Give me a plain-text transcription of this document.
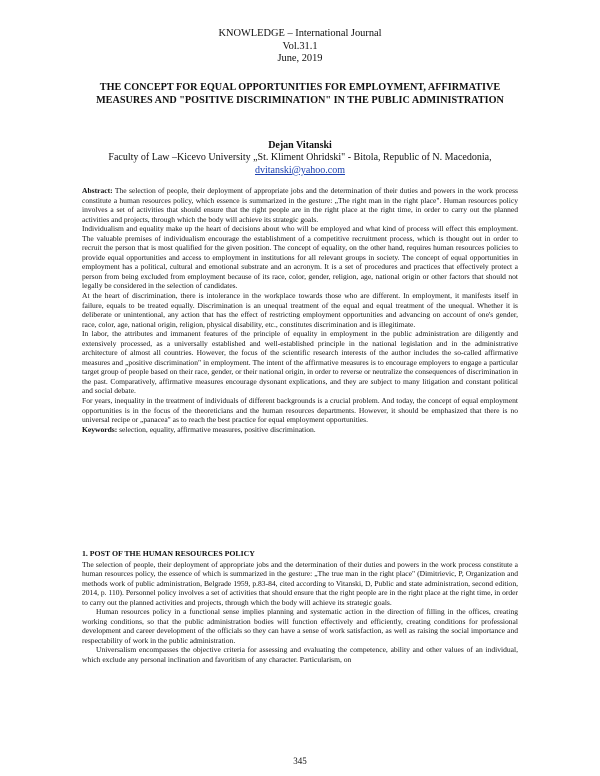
KNOWLEDGE – International Journal
Vol.31.1
June, 2019
THE CONCEPT FOR EQUAL OPPORTUNITIES FOR EMPLOYMENT, AFFIRMATIVE MEASURES AND "POSITIVE DISCRIMINATION" IN THE PUBLIC ADMINISTRATION
Dejan Vitanski
Faculty of Law –Kicevo University „St. Kliment Ohridski" - Bitola, Republic of N. Macedonia,
dvitanski@yahoo.com

Abstract: The selection of people, their deployment of appropriate jobs and the determination of their duties and powers in the work process constitute a human resources policy, which essence is summarized in the gesture: „The right man in the right place". Human resources policy involves a set of activities that should ensure that the right people are in the right place at the right time, in order to carry out the planned activities and projects, through which the body will achieve its strategic goals.

Individualism and equality make up the heart of decisions about who will be employed and what kind of process will effect this employment. The valuable premises of individualism encourage the establishment of a competitive recruitment process, which is thought out in order to recruit the person that is most qualified for the given position. The concept of equality, on the other hand, requires human resources policies to provide equal opportunities and access to employment in institutions for all relevant groups in society. The concept of equal opportunities in employment has a political, cultural and emotional substrate and an acronym. It is a set of procedures and practices that effectively protect a person from being excluded from employment because of its race, color, gender, religion, age, national origin or other factors that should not legally be considered in the selection of candidates.

At the heart of discrimination, there is intolerance in the workplace towards those who are different. In employment, it manifests itself in failure, equals to be treated equally. Discrimination is an unequal treatment of the equal and equal treatment of the unequal. Whether it is deliberate or unintentional, any action that has the effect of restricting employment opportunities and advancing on account of one's gender, race, color, age, national origin, religion, physical disability, etc., constitutes discrimination and is illegitimate.

In labor, the attributes and immanent features of the principle of equality in employment in the public administration are diligently and extensively processed, as a universally established and well-established principle in the national legislation and in the administrative architecture of almost all countries. However, the focus of the scientific research interests of the author includes the so-called affirmative measures and „positive discrimination" in employment. The intent of the affirmative measures is to encourage employers to engage a particular target group of people based on their race, gender, or their national origin, in order to reverse or neutralize the consequences of discrimination in the past. Comparatively, affirmative measures encourage dysonant explications, and they are subject to many litigation and constant political and social debate.

For years, inequality in the treatment of individuals of different backgrounds is a crucial problem. And today, the concept of equal employment opportunities is in the focus of the theoreticians and the human resources departments. However, it should be emphasized that there is no universal recipe or „panacea" as to reach the best practice for equal employment opportunities.

Keywords: selection, equality, affirmative measures, positive discrimination.

1. POST OF THE HUMAN RESOURCES POLICY

The selection of people, their deployment of appropriate jobs and the determination of their duties and powers in the work process constitute a human resources policy, the essence of which is summarized in the gesture: „The true man in the right place" (Dimitrievic, P, Organization and methods work of public administration, Belgrade 1959, p.83-84, cited according to Vitanski, D, Public and state administration, second edition, 2014, p. 110). Personnel policy involves a set of activities that should ensure that the right people are in the right place at the right time, in order to carry out the planned activities and projects, through which the body will achieve its strategic goals.

Human resources policy in a functional sense implies planning and systematic action in the direction of filling in the offices, creating working conditions, so that the public administration bodies will function effectively and efficiently, creating conditions for professional development and career development of the officials so they can have a sense of work satisfaction, as well as raising the social importance and respectability of work in the public administration.

Universalism encompasses the objective criteria for assessing and evaluating the competence, ability and other values of an individual, which exclude any personal inclination and favoritism of any character. Particularism, on

345
